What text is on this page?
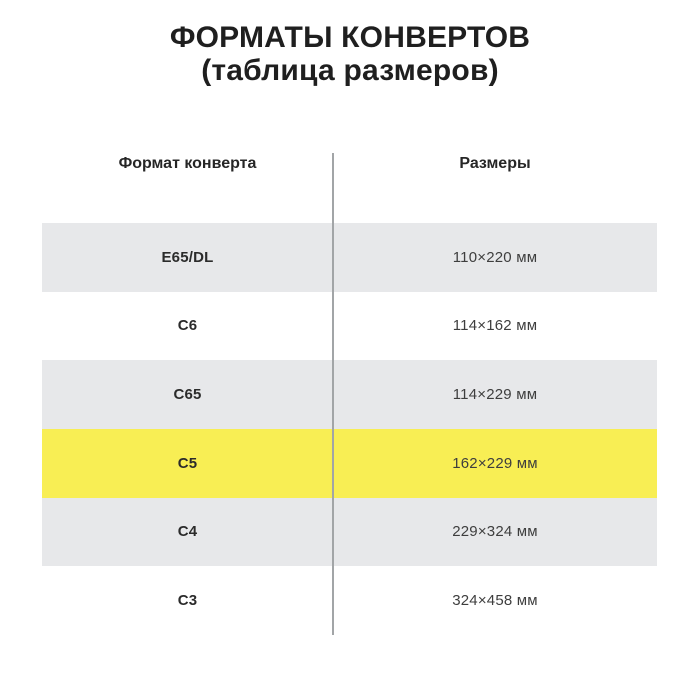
ФОРМАТЫ КОНВЕРТОВ
(таблица размеров)
Формат конверта	Размеры
E65/DL	110×220 мм
C6	114×162 мм
C65	114×229 мм
C5	162×229 мм
C4	229×324 мм
C3	324×458 мм
